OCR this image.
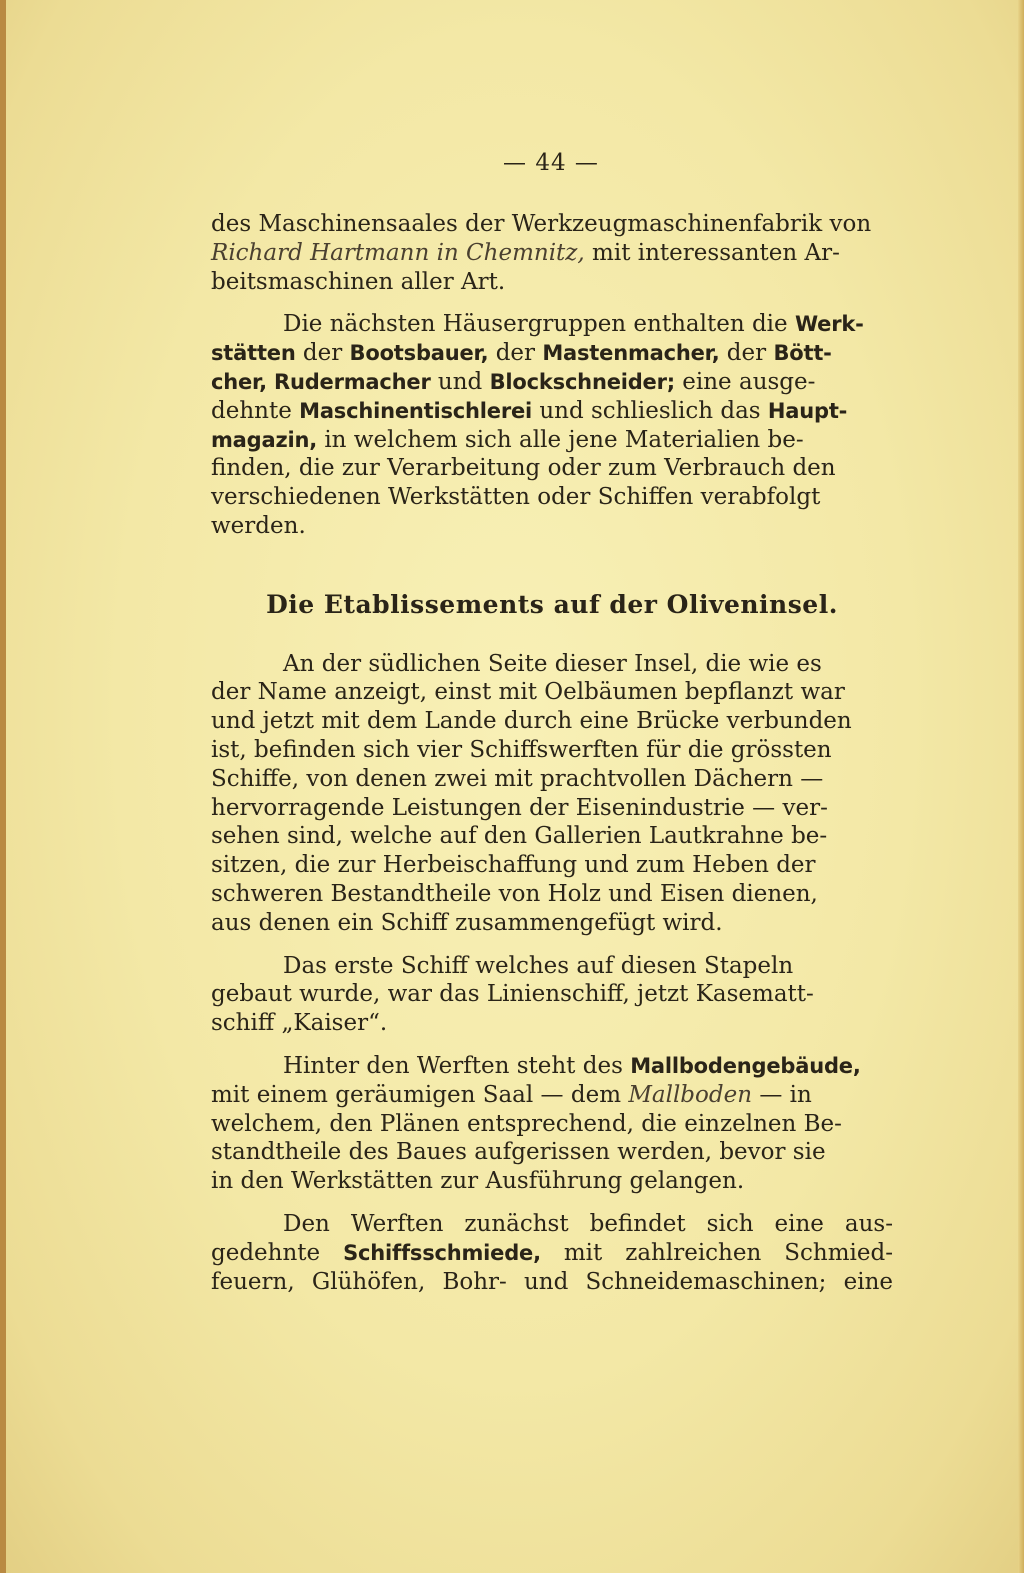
— 44 —

des Maschinensaales der Werkzeugmaschinenfabrik von
Richard Hartmann in Chemnitz, mit interessanten Ar-
beitsmaschinen aller Art.

Die nächsten Häusergruppen enthalten die Werk-
stätten der Bootsbauer, der Mastenmacher, der Bött-
cher, Rudermacher und Blockschneider; eine ausge-
dehnte Maschinentischlerei und schlieslich das Haupt-
magazin, in welchem sich alle jene Materialien be-
finden, die zur Verarbeitung oder zum Verbrauch den
verschiedenen Werkstätten oder Schiffen verabfolgt
werden.

Die Etablissements auf der Oliveninsel.

An der südlichen Seite dieser Insel, die wie es
der Name anzeigt, einst mit Oelbäumen bepflanzt war
und jetzt mit dem Lande durch eine Brücke verbunden
ist, befinden sich vier Schiffswerften für die grössten
Schiffe, von denen zwei mit prachtvollen Dächern —
hervorragende Leistungen der Eisenindustrie — ver-
sehen sind, welche auf den Gallerien Lautkrahne be-
sitzen, die zur Herbeischaffung und zum Heben der
schweren Bestandtheile von Holz und Eisen dienen,
aus denen ein Schiff zusammengefügt wird.

Das erste Schiff welches auf diesen Stapeln
gebaut wurde, war das Linienschiff, jetzt Kasematt-
schiff „Kaiser“.

Hinter den Werften steht des Mallbodengebäude,
mit einem geräumigen Saal — dem Mallboden — in
welchem, den Plänen entsprechend, die einzelnen Be-
standtheile des Baues aufgerissen werden, bevor sie
in den Werkstätten zur Ausführung gelangen.

Den Werften zunächst befindet sich eine aus-
gedehnte Schiffsschmiede, mit zahlreichen Schmied-
feuern, Glühöfen, Bohr- und Schneidemaschinen; eine
